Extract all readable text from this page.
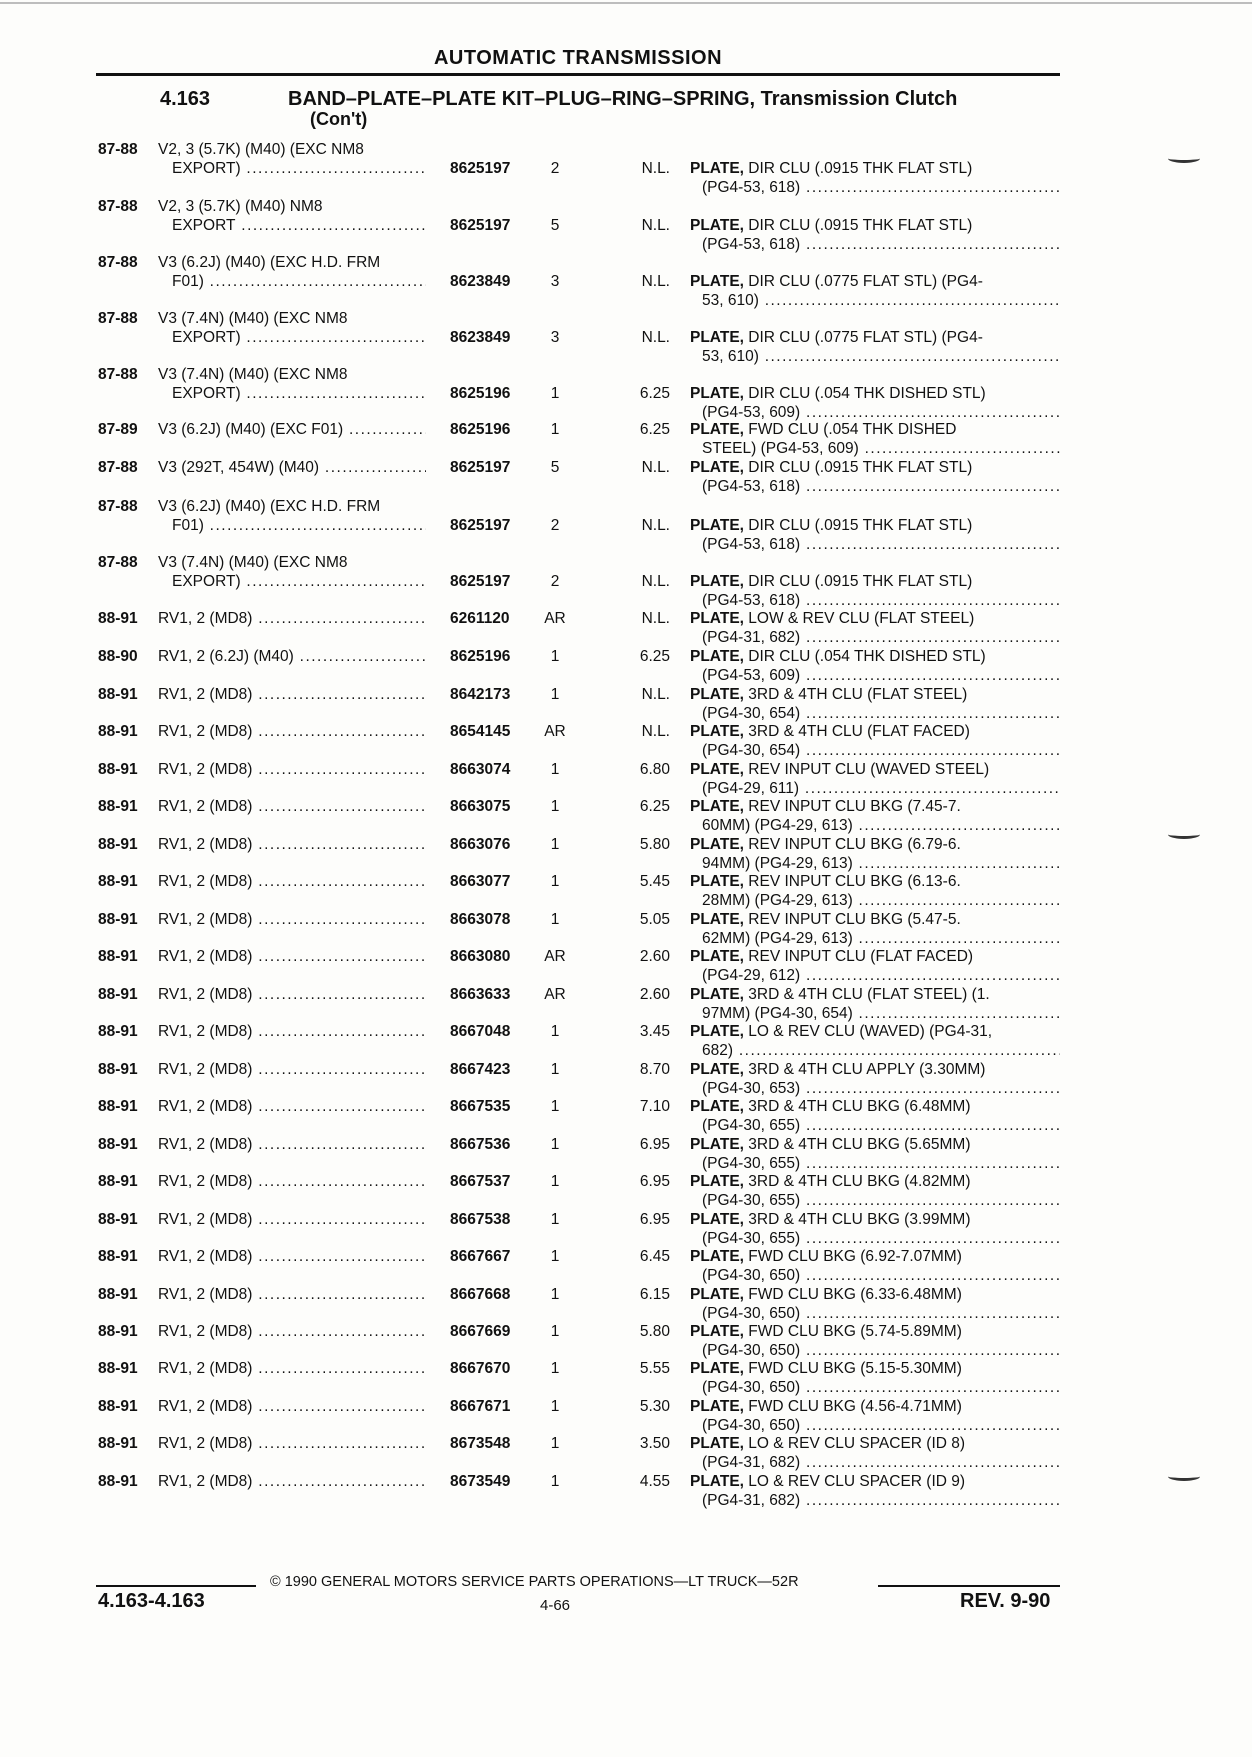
AUTOMATIC TRANSMISSION
4.163	BAND–PLATE–PLATE KIT–PLUG–RING–SPRING, Transmission Clutch
(Con't)
87-88 V2, 3 (5.7K) (M40) (EXC NM8
EXPORT) .....	8625197	2	N.L. PLATE, DIR CLU (.0915 THK FLAT STL)
(PG4-53, 618) .....
87-88 V2, 3 (5.7K) (M40) NM8
EXPORT .....	8625197	5	N.L. PLATE, DIR CLU (.0915 THK FLAT STL)
(PG4-53, 618) .....
87-88 V3 (6.2J) (M40) (EXC H.D. FRM
F01) .....	8623849	3	N.L. PLATE, DIR CLU (.0775 FLAT STL) (PG4-
53, 610) .....
87-88 V3 (7.4N) (M40) (EXC NM8
EXPORT) .....	8623849	3	N.L. PLATE, DIR CLU (.0775 FLAT STL) (PG4-
53, 610) .....
87-88 V3 (7.4N) (M40) (EXC NM8
EXPORT) .....	8625196	1	6.25 PLATE, DIR CLU (.054 THK DISHED STL)
(PG4-53, 609) .....
87-89 V3 (6.2J) (M40) (EXC F01) .....	8625196	1	6.25 PLATE, FWD CLU (.054 THK DISHED
STEEL) (PG4-53, 609) .....
87-88 V3 (292T, 454W) (M40) .....	8625197	5	N.L. PLATE, DIR CLU (.0915 THK FLAT STL)
(PG4-53, 618) .....
87-88 V3 (6.2J) (M40) (EXC H.D. FRM
F01) .....	8625197	2	N.L. PLATE, DIR CLU (.0915 THK FLAT STL)
(PG4-53, 618) .....
87-88 V3 (7.4N) (M40) (EXC NM8
EXPORT) .....	8625197	2	N.L. PLATE, DIR CLU (.0915 THK FLAT STL)
(PG4-53, 618) .....
88-91 RV1, 2 (MD8) .....	6261120	AR	N.L. PLATE, LOW & REV CLU (FLAT STEEL)
(PG4-31, 682) .....
88-90 RV1, 2 (6.2J) (M40) .....	8625196	1	6.25 PLATE, DIR CLU (.054 THK DISHED STL)
(PG4-53, 609) .....
88-91 RV1, 2 (MD8) .....	8642173	1	N.L. PLATE, 3RD & 4TH CLU (FLAT STEEL)
(PG4-30, 654) .....
88-91 RV1, 2 (MD8) .....	8654145	AR	N.L. PLATE, 3RD & 4TH CLU (FLAT FACED)
(PG4-30, 654) .....
88-91 RV1, 2 (MD8) .....	8663074	1	6.80 PLATE, REV INPUT CLU (WAVED STEEL)
(PG4-29, 611) .....
88-91 RV1, 2 (MD8) .....	8663075	1	6.25 PLATE, REV INPUT CLU BKG (7.45-7.
60MM) (PG4-29, 613) .....
88-91 RV1, 2 (MD8) .....	8663076	1	5.80 PLATE, REV INPUT CLU BKG (6.79-6.
94MM) (PG4-29, 613) .....
88-91 RV1, 2 (MD8) .....	8663077	1	5.45 PLATE, REV INPUT CLU BKG (6.13-6.
28MM) (PG4-29, 613) .....
88-91 RV1, 2 (MD8) .....	8663078	1	5.05 PLATE, REV INPUT CLU BKG (5.47-5.
62MM) (PG4-29, 613) .....
88-91 RV1, 2 (MD8) .....	8663080	AR	2.60 PLATE, REV INPUT CLU (FLAT FACED)
(PG4-29, 612) .....
88-91 RV1, 2 (MD8) .....	8663633	AR	2.60 PLATE, 3RD & 4TH CLU (FLAT STEEL) (1.
97MM) (PG4-30, 654) .....
88-91 RV1, 2 (MD8) .....	8667048	1	3.45 PLATE, LO & REV CLU (WAVED) (PG4-31,
682) .....
88-91 RV1, 2 (MD8) .....	8667423	1	8.70 PLATE, 3RD & 4TH CLU APPLY (3.30MM)
(PG4-30, 653) .....
88-91 RV1, 2 (MD8) .....	8667535	1	7.10 PLATE, 3RD & 4TH CLU BKG (6.48MM)
(PG4-30, 655) .....
88-91 RV1, 2 (MD8) .....	8667536	1	6.95 PLATE, 3RD & 4TH CLU BKG (5.65MM)
(PG4-30, 655) .....
88-91 RV1, 2 (MD8) .....	8667537	1	6.95 PLATE, 3RD & 4TH CLU BKG (4.82MM)
(PG4-30, 655) .....
88-91 RV1, 2 (MD8) .....	8667538	1	6.95 PLATE, 3RD & 4TH CLU BKG (3.99MM)
(PG4-30, 655) .....
88-91 RV1, 2 (MD8) .....	8667667	1	6.45 PLATE, FWD CLU BKG (6.92-7.07MM)
(PG4-30, 650) .....
88-91 RV1, 2 (MD8) .....	8667668	1	6.15 PLATE, FWD CLU BKG (6.33-6.48MM)
(PG4-30, 650) .....
88-91 RV1, 2 (MD8) .....	8667669	1	5.80 PLATE, FWD CLU BKG (5.74-5.89MM)
(PG4-30, 650) .....
88-91 RV1, 2 (MD8) .....	8667670	1	5.55 PLATE, FWD CLU BKG (5.15-5.30MM)
(PG4-30, 650) .....
88-91 RV1, 2 (MD8) .....	8667671	1	5.30 PLATE, FWD CLU BKG (4.56-4.71MM)
(PG4-30, 650) .....
88-91 RV1, 2 (MD8) .....	8673548	1	3.50 PLATE, LO & REV CLU SPACER (ID 8)
(PG4-31, 682) .....
88-91 RV1, 2 (MD8) .....	8673549	1	4.55 PLATE, LO & REV CLU SPACER (ID 9)
(PG4-31, 682) .....
© 1990 GENERAL MOTORS SERVICE PARTS OPERATIONS—LT TRUCK—52R
4.163-4.163	4-66	REV. 9-90
